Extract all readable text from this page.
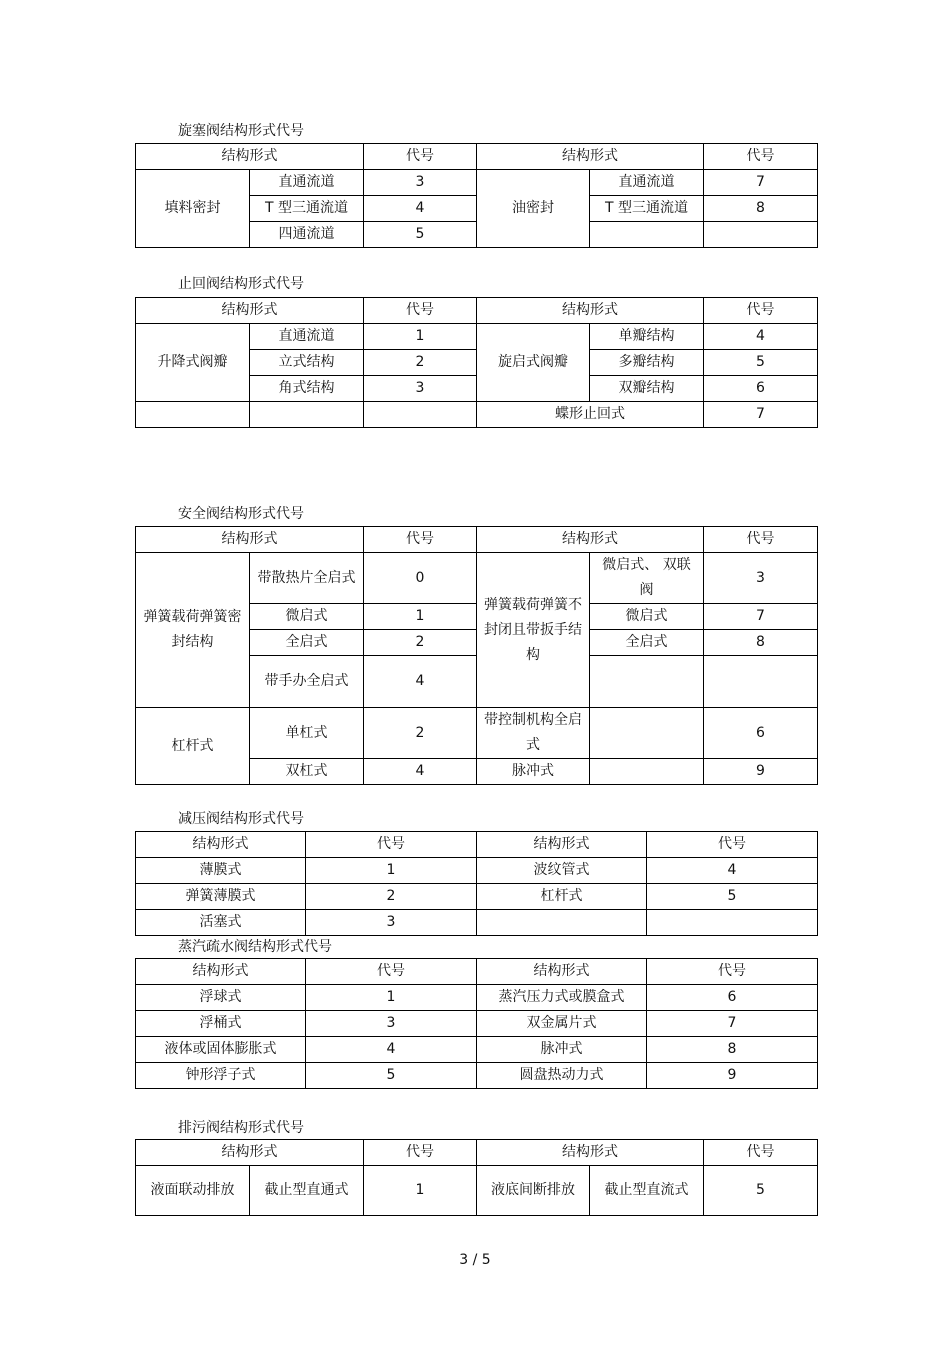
旋塞阀结构形式代号
结构形式		代号	结构形式		代号
填料密封	直通流道	3	油密封	直通流道	7
	T 型三通流道	4		T 型三通流道	8
	四通流道	5			
止回阀结构形式代号
结构形式		代号	结构形式		代号
升降式阀瓣	直通流道	1	旋启式阀瓣	单瓣结构	4
	立式结构	2		多瓣结构	5
	角式结构	3		双瓣结构	6
			蝶形止回式		7
安全阀结构形式代号
结构形式		代号	结构形式		代号
弹簧载荷弹簧密封结构	带散热片全启式	0	弹簧载荷弹簧不封闭且带扳手结构	微启式、 双联阀	3
	微启式	1		微启式	7
	全启式	2		全启式	8
	带手办全启式	4			
杠杆式	单杠式	2	带控制机构全启式		6
	双杠式	4	脉冲式		9
减压阀结构形式代号
结构形式	代号	结构形式	代号
薄膜式	1	波纹管式	4
弹簧薄膜式	2	杠杆式	5
活塞式	3		
蒸汽疏水阀结构形式代号
结构形式	代号	结构形式	代号
浮球式	1	蒸汽压力式或膜盒式	6
浮桶式	3	双金属片式	7
液体或固体膨胀式	4	脉冲式	8
钟形浮子式	5	圆盘热动力式	9
排污阀结构形式代号
结构形式		代号	结构形式		代号
液面联动排放	截止型直通式	1	液底间断排放	截止型直流式	5
3 / 5
